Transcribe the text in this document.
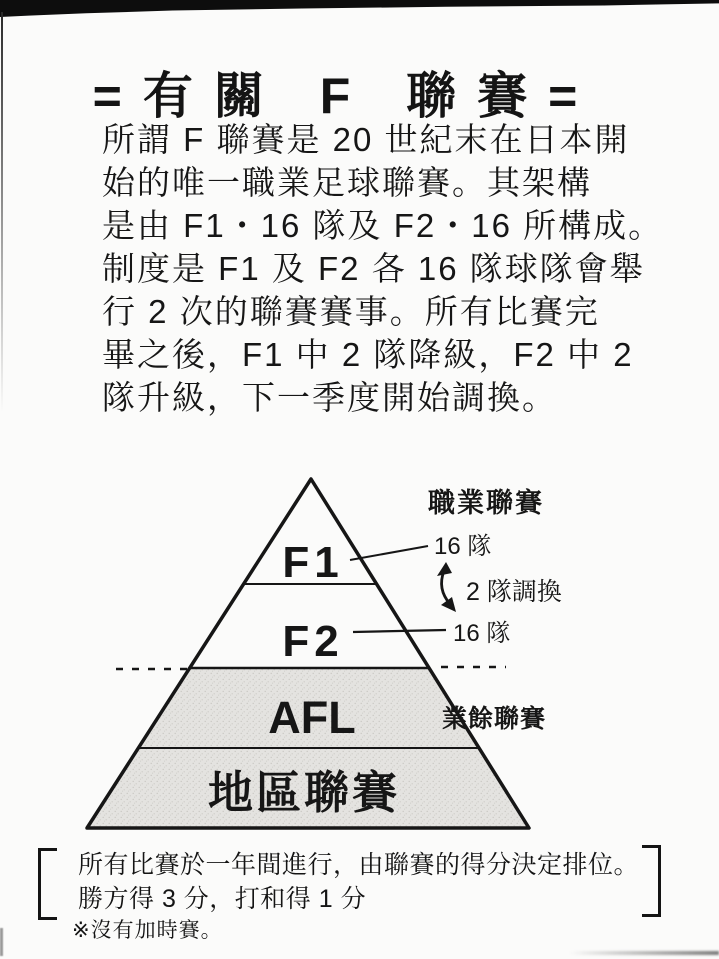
=有關 F 聯賽=
所謂 F 聯賽是 20 世紀末在日本開
始的唯一職業足球聯賽。其架構
是由 F1・16 隊及 F2・16 所構成。
制度是 F1 及 F2 各 16 隊球隊會舉
行 2 次的聯賽賽事。所有比賽完
畢之後，F1 中 2 隊降級，F2 中 2
隊升級，下一季度開始調換。
F1
F2
AFL
地區聯賽
職業聯賽
16 隊
2 隊調換
16 隊
業餘聯賽
所有比賽於一年間進行，由聯賽的得分決定排位。
勝方得 3 分，打和得 1 分
※沒有加時賽。
